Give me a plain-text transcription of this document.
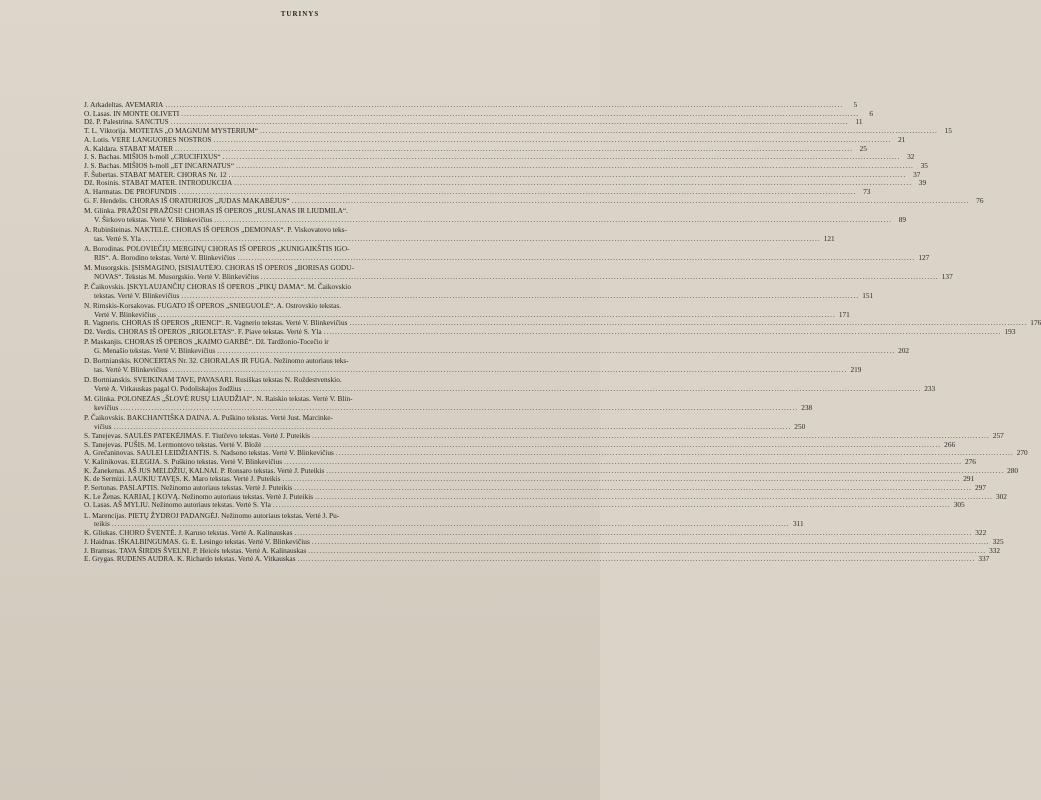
TURINYS
J. Arkadeltas. AVEMARIA .....	5
O. Lasas. IN MONTE OLIVETI .....	6
Dž. P. Palestrina. SANCTUS .....	11
T. L. Viktorija. MOTETAS „O MAGNUM MYSTERIUM“ .....	15
A. Lotis. VERE LANGUORES NOSTROS .....	21
A. Kaldara. STABAT MATER .....	25
J. S. Bachas. MIŠIOS h-moll „CRUCIFIXUS“ .....	32
J. S. Bachas. MIŠIOS h-moll „ET INCARNATUS“ .....	35
F. Šubertas. STABAT MATER. CHORAS Nr. 12 .....	37
Dž. Rosinis. STABAT MATER. INTRODUKCIJA .....	39
A. Harmatas. DE PROFUNDIS .....	73
G. F. Hendelis. CHORAS IŠ ORATORIJOS „JUDAS MAKABĖJUS“ .....	76
M. Glinka. PRAŽŪSI PRAŽŪSI! CHORAS IŠ OPEROS „RUSLANAS IR LIUDMILA“.
V. Širkovo tekstas. Vertė V. Blinkevičius .....	89
A. Rubinšteinas. NAKTELĖ. CHORAS IŠ OPEROS „DEMONAS“. P. Viskovatovo teks-
tas. Vertė S. Yla .....	121
A. Borodinas. POLOVIEČIŲ MERGINŲ CHORAS IŠ OPEROS „KUNIGAIKŠTIS IGO-
RIS“. A. Borodino tekstas. Vertė V. Blinkevičius .....	127
M. Musorgskis. ĮSISMAGINO, ĮSISIAUTĖJO. CHORAS IŠ OPEROS „BORISAS GODU-
NOVAS“. Tekstas M. Musorgskio. Vertė V. Blinkevičius .....	137
P. Čaikovskis. ĮSKYLAUJANČIŲ CHORAS IŠ OPEROS „PIKŲ DAMA“. M. Čaikovskio
tekstas. Vertė V. Blinkevičius .....	151
N. Rimskis-Korsakovas. FUGATO IŠ OPEROS „SNIEGUOLĖ“. A. Ostrovskio tekstas.
Vertė V. Blinkevičius .....	171
R. Vagneris. CHORAS IŠ OPEROS „RIENCI“. R. Vagnerio tekstas. Vertė V. Blinkevičius .....	176
Dž. Verdis. CHORAS IŠ OPEROS „RIGOLETAS“. F. Piave tekstas. Vertė S. Yla .....	193
P. Maskanjis. CHORAS IŠ OPEROS „KAIMO GARBĖ“. Dž. Tardžonio-Tocečio ir
G. Menašio tekstas. Vertė V. Blinkevičius .....	202
D. Bortnianskis. KONCERTAS Nr. 32. CHORALAS IR FUGA. Nežinomo autoriaus teks-
tas. Vertė V. Blinkevičius .....	219
D. Bortnianskis. SVEIKINAM TAVE, PAVASARI. Rusiškas tekstas N. Roždestvenskio.
Vertė A. Vitkauskas pagal O. Podoliskajos žodžius .....	233
M. Glinka. POLONEZAS „ŠLOVĖ RUSŲ LIAUDŽIAI“. N. Raiskio tekstas. Vertė V. Blin-
kevičius .....	238
P. Čaikovskis. BAKCHANTIŠKA DAINA. A. Puškino tekstas. Vertė Just. Marcinke-
vičius .....	250
S. Tanejevas. SAULĖS PATEKĖJIMAS. F. Tiutčevo tekstas. Vertė J. Puteikis .....	257
S. Tanejevas. PUŠIS. M. Lermontovo tekstas. Vertė V. Bložė .....	266
A. Grečaninovas. SAULEI LEIDŽIANTIS. S. Nadsono tekstas. Vertė V. Blinkevičius .....	270
V. Kalinikovas. ELEGIJA. S. Puškino tekstas. Vertė V. Blinkevičius .....	276
K. Žanekenas. AŠ JUS MELDŽIU, KALNAI. P. Ronsaro tekstas. Vertė J. Puteikis .....	280
K. de Sermizi. LAUKIU TAVĘS. K. Maro tekstas. Vertė J. Puteikis .....	291
P. Sertonas. PASLAPTIS. Nežinomo autoriaus tekstas. Vertė J. Puteikis .....	297
K. Le Ženas. KARIAI, Į KOVĄ. Nežinomo autoriaus tekstas. Vertė J. Puteikis .....	302
O. Lasas. AŠ MYLIU. Nežinomo autoriaus tekstas. Vertė S. Yla .....	305
L. Marencijas. PIETŲ ŽYDROJ PADANGĖJ. Nežinomo autoriaus tekstas. Vertė J. Pu-
teikis .....	311
K. Gliukas. CHORO ŠVENTĖ. J. Karuso tekstas. Vertė A. Kalinauskas .....	322
J. Haidnas. IŠKALBINGUMAS. G. E. Lesingo tekstas. Vertė V. Blinkevičius .....	325
J. Bramsas. TAVA ŠIRDIS ŠVELNI. P. Heicės tekstas. Vertė A. Kalinauskas .....	332
E. Grygas. RUDENS AUDRA. K. Richardo tekstas. Vertė A. Vitkauskas .....	337
